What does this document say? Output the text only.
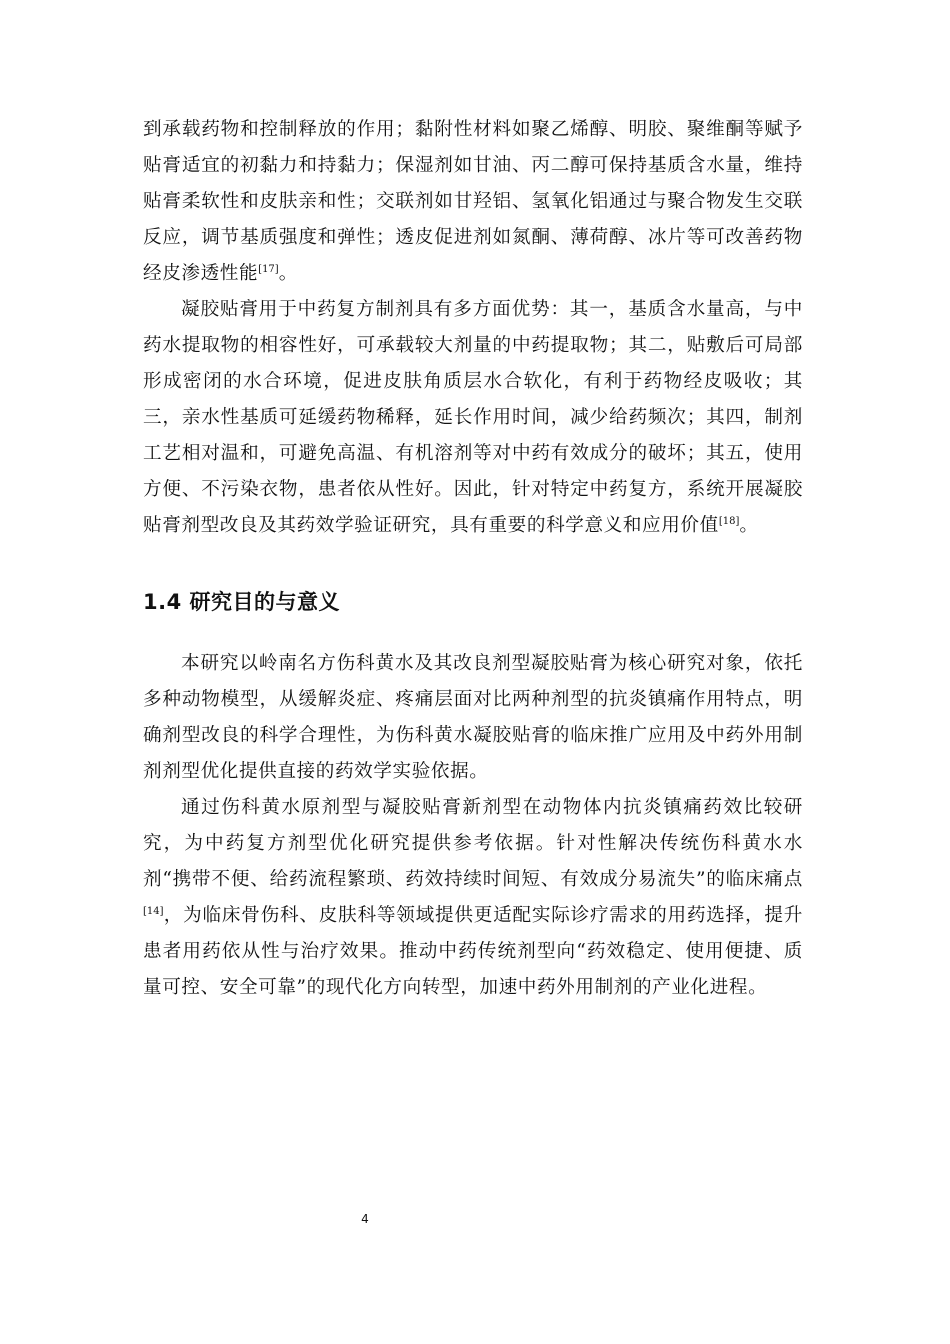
到承载药物和控制释放的作用；黏附性材料如聚乙烯醇、明胶、聚维酮等赋予贴膏适宜的初黏力和持黏力；保湿剂如甘油、丙二醇可保持基质含水量，维持贴膏柔软性和皮肤亲和性；交联剂如甘羟铝、氢氧化铝通过与聚合物发生交联反应，调节基质强度和弹性；透皮促进剂如氮酮、薄荷醇、冰片等可改善药物经皮渗透性能[17]。

凝胶贴膏用于中药复方制剂具有多方面优势：其一，基质含水量高，与中药水提取物的相容性好，可承载较大剂量的中药提取物；其二，贴敷后可局部形成密闭的水合环境，促进皮肤角质层水合软化，有利于药物经皮吸收；其三，亲水性基质可延缓药物稀释，延长作用时间，减少给药频次；其四，制剂工艺相对温和，可避免高温、有机溶剂等对中药有效成分的破坏；其五，使用方便、不污染衣物，患者依从性好。因此，针对特定中药复方，系统开展凝胶贴膏剂型改良及其药效学验证研究，具有重要的科学意义和应用价值[18]。

1.4 研究目的与意义

本研究以岭南名方伤科黄水及其改良剂型凝胶贴膏为核心研究对象，依托多种动物模型，从缓解炎症、疼痛层面对比两种剂型的抗炎镇痛作用特点，明确剂型改良的科学合理性，为伤科黄水凝胶贴膏的临床推广应用及中药外用制剂剂型优化提供直接的药效学实验依据。

通过伤科黄水原剂型与凝胶贴膏新剂型在动物体内抗炎镇痛药效比较研究，为中药复方剂型优化研究提供参考依据。针对性解决传统伤科黄水水剂“携带不便、给药流程繁琐、药效持续时间短、有效成分易流失”的临床痛点[14]，为临床骨伤科、皮肤科等领域提供更适配实际诊疗需求的用药选择，提升患者用药依从性与治疗效果。推动中药传统剂型向“药效稳定、使用便捷、质量可控、安全可靠”的现代化方向转型，加速中药外用制剂的产业化进程。

4
